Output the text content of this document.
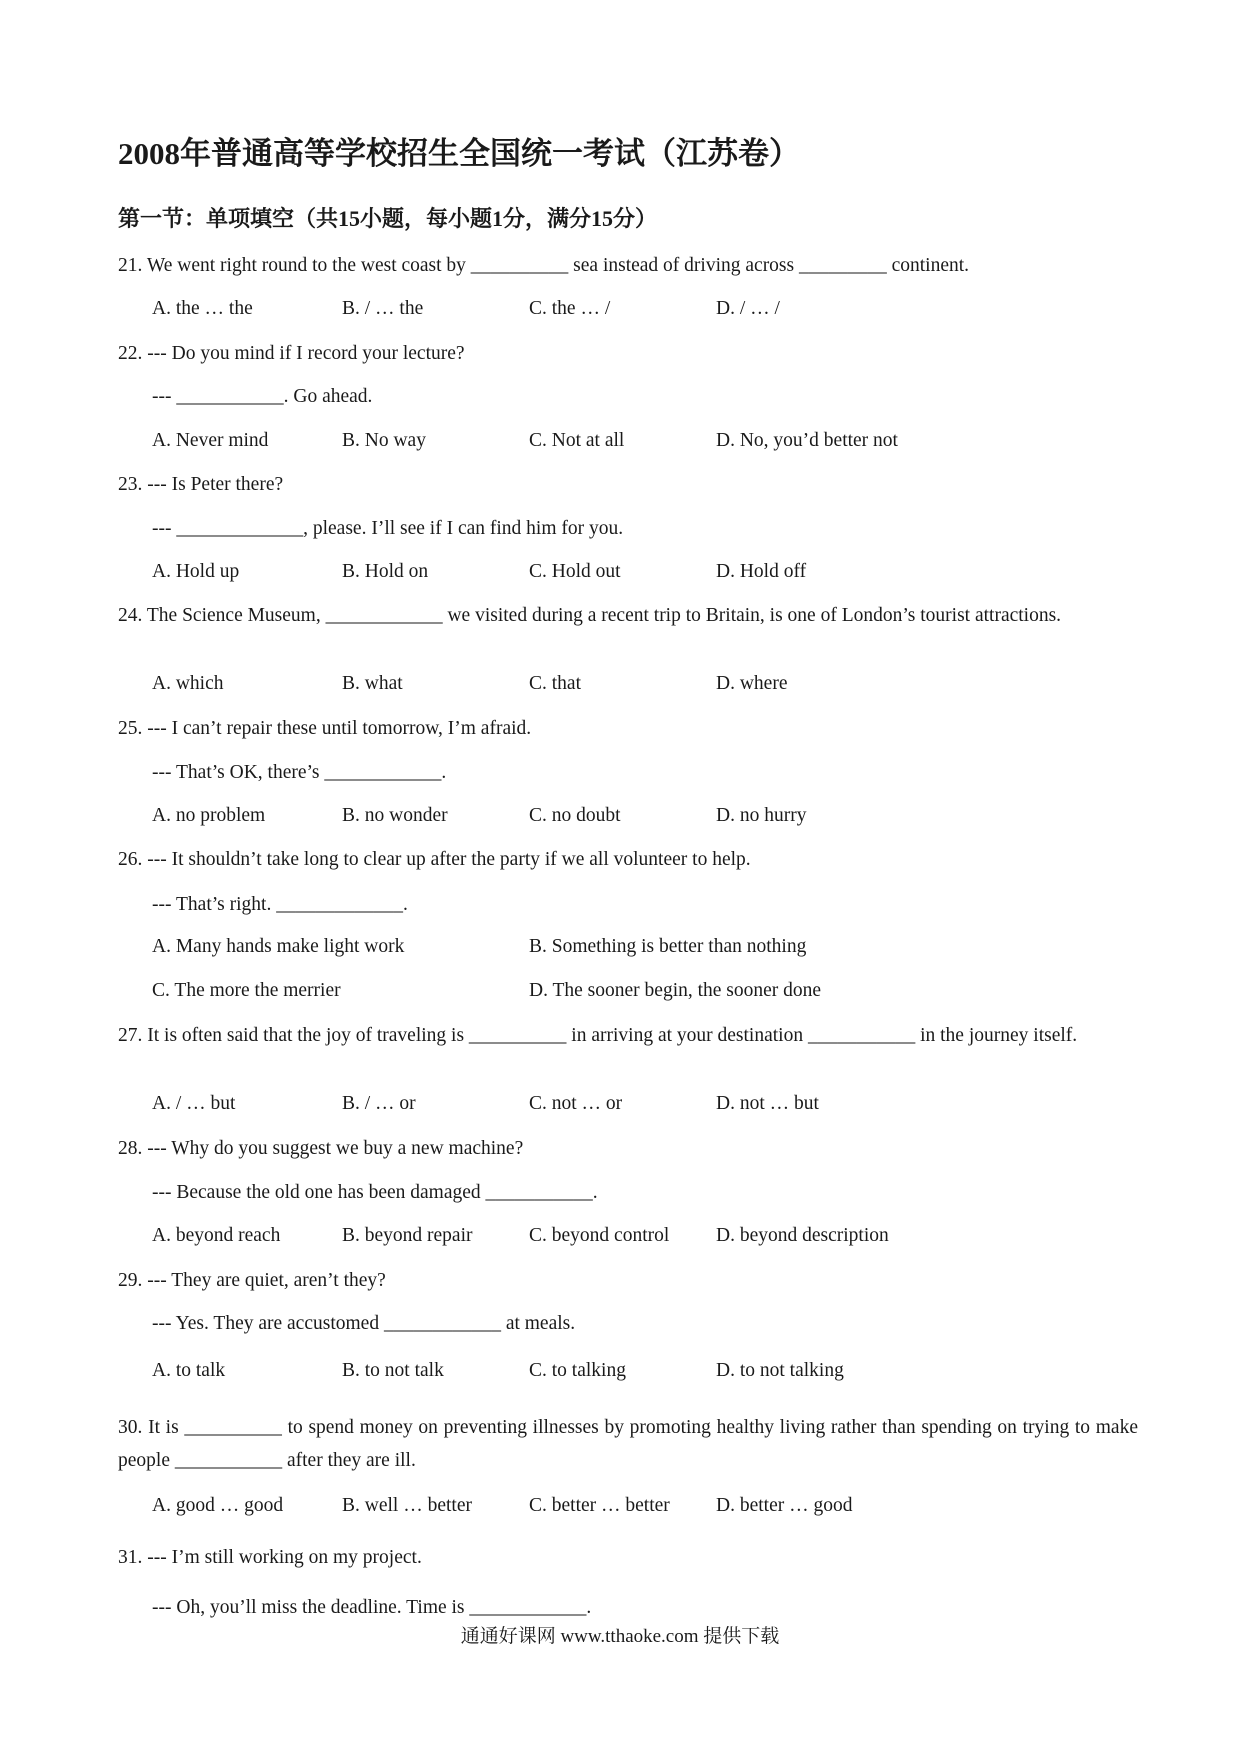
2008年普通高等学校招生全国统一考试（江苏卷）
第一节：单项填空（共15小题，每小题1分，满分15分）
21. We went right round to the west coast by __________ sea instead of driving across _________ continent.
A. the … the	B. / … the	C. the … /	D. / … /
22. --- Do you mind if I record your lecture?
--- ___________. Go ahead.
A. Never mind	B. No way	C. Not at all	D. No, you’d better not
23. --- Is Peter there?
--- _____________, please. I’ll see if I can find him for you.
A. Hold up	B. Hold on	C. Hold out	D. Hold off
24. The Science Museum, ____________ we visited during a recent trip to Britain, is one of London’s tourist attractions.
A. which	B. what	C. that	D. where
25. --- I can’t repair these until tomorrow, I’m afraid.
--- That’s OK, there’s ____________.
A. no problem	B. no wonder	C. no doubt	D. no hurry
26. --- It shouldn’t take long to clear up after the party if we all volunteer to help.
--- That’s right. _____________.
A. Many hands make light work	B. Something is better than nothing
C. The more the merrier	D. The sooner begin, the sooner done
27. It is often said that the joy of traveling is __________ in arriving at your destination ___________ in the journey itself.
A. / … but	B. / … or	C. not … or	D. not … but
28. --- Why do you suggest we buy a new machine?
--- Because the old one has been damaged ___________.
A. beyond reach	B. beyond repair	C. beyond control D. beyond description
29. --- They are quiet, aren’t they?
--- Yes. They are accustomed ____________ at meals.
A. to talk	B. to not talk	C. to talking	D. to not talking
30. It is __________ to spend money on preventing illnesses by promoting healthy living rather than spending on trying to make people ___________ after they are ill.
A. good … good	B. well … better	C. better … better D. better … good
31. --- I’m still working on my project.
--- Oh, you’ll miss the deadline. Time is ____________.
通通好课网 www.tthaoke.com 提供下载
